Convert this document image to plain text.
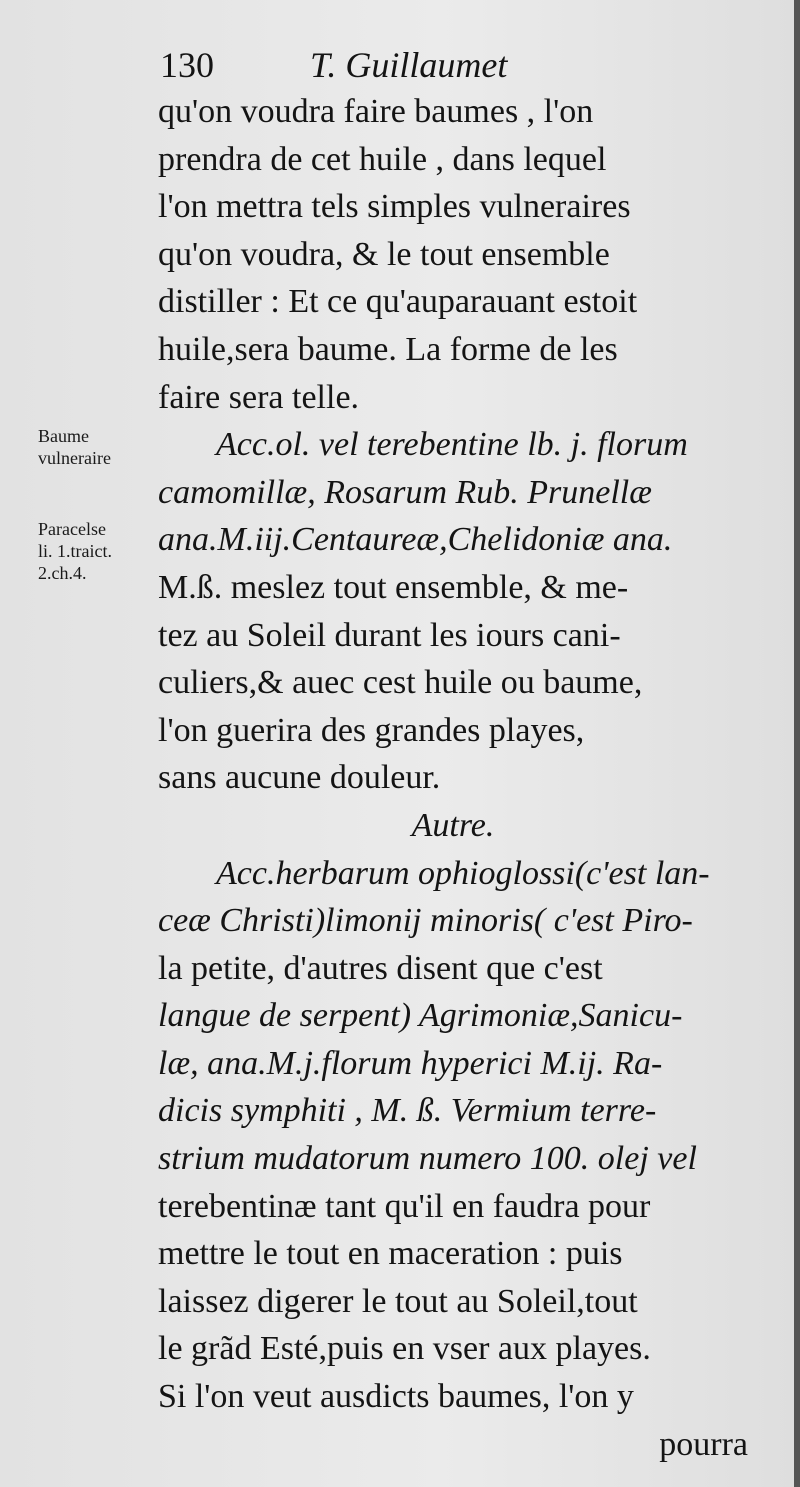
130	T. Guillaumet
Baume
vulneraire
Paracelse
li. 1.traict.
2.ch.4.
qu'on voudra faire baumes , l'on
prendra de cet huile , dans lequel
l'on mettra tels simples vulneraires
qu'on voudra, & le tout ensemble
distiller : Et ce qu'auparauant estoit
huile,sera baume. La forme de les
faire sera telle.
Acc.ol. vel terebentine lb. j. florum
camomillæ, Rosarum Rub. Prunellæ
ana.M.iij.Centaureæ,Chelidoniæ ana.
M.ß. meslez tout ensemble, & me-
tez au Soleil durant les iours cani-
culiers,& auec cest huile ou baume,
l'on guerira des grandes playes,
sans aucune douleur.
Autre.
Acc.herbarum ophioglossi(c'est lan-
ceæ Christi)limonij minoris( c'est Piro-
la petite, d'autres disent que c'est
langue de serpent) Agrimoniæ,Sanicu-
læ, ana.M.j.florum hyperici M.ij. Ra-
dicis symphiti , M. ß. Vermium terre-
strium mudatorum numero 100. olej vel
terebentinæ tant qu'il en faudra pour
mettre le tout en maceration : puis
laissez digerer le tout au Soleil,tout
le grãd Esté,puis en vser aux playes.
Si l'on veut ausdicts baumes, l'on y
pourra
